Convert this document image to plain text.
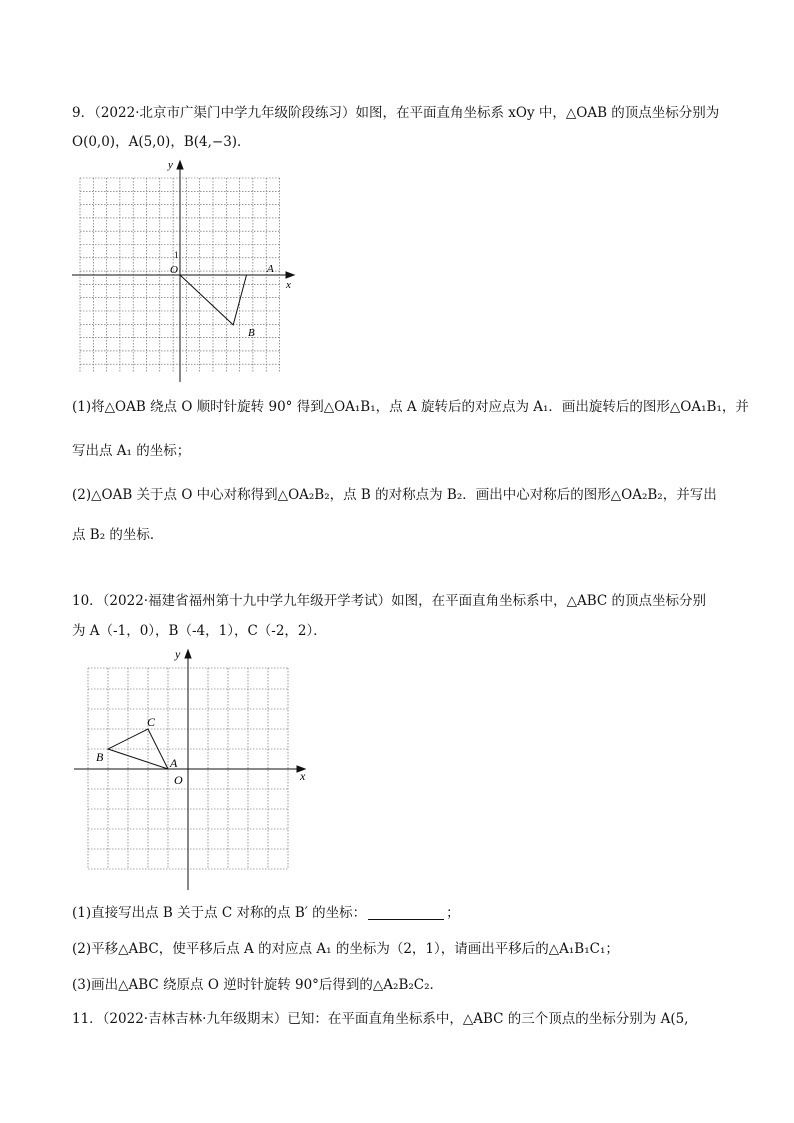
9．（2022·北京市广渠门中学九年级阶段练习）如图，在平面直角坐标系 xOy 中，△OAB 的顶点坐标分别为
O(0,0)，A(5,0)，B(4,−3)．
x
y
O
1
A
B
(1)将△OAB 绕点 O 顺时针旋转 90° 得到△OA₁B₁，点 A 旋转后的对应点为 A₁．画出旋转后的图形△OA₁B₁，并
写出点 A₁ 的坐标；
(2)△OAB 关于点 O 中心对称得到△OA₂B₂，点 B 的对称点为 B₂．画出中心对称后的图形△OA₂B₂，并写出
点 B₂ 的坐标．
10．（2022·福建省福州第十九中学九年级开学考试）如图，在平面直角坐标系中，△ABC 的顶点坐标分别
为 A（-1，0），B（-4，1），C（-2，2）．
x
y
O
A
B
C
(1)直接写出点 B 关于点 C 对称的点 B′ 的坐标：	；
(2)平移△ABC，使平移后点 A 的对应点 A₁ 的坐标为（2，1），请画出平移后的△A₁B₁C₁；
(3)画出△ABC 绕原点 O 逆时针旋转 90°后得到的△A₂B₂C₂．
11．（2022·吉林吉林·九年级期末）已知：在平面直角坐标系中，△ABC 的三个顶点的坐标分别为 A(5,
